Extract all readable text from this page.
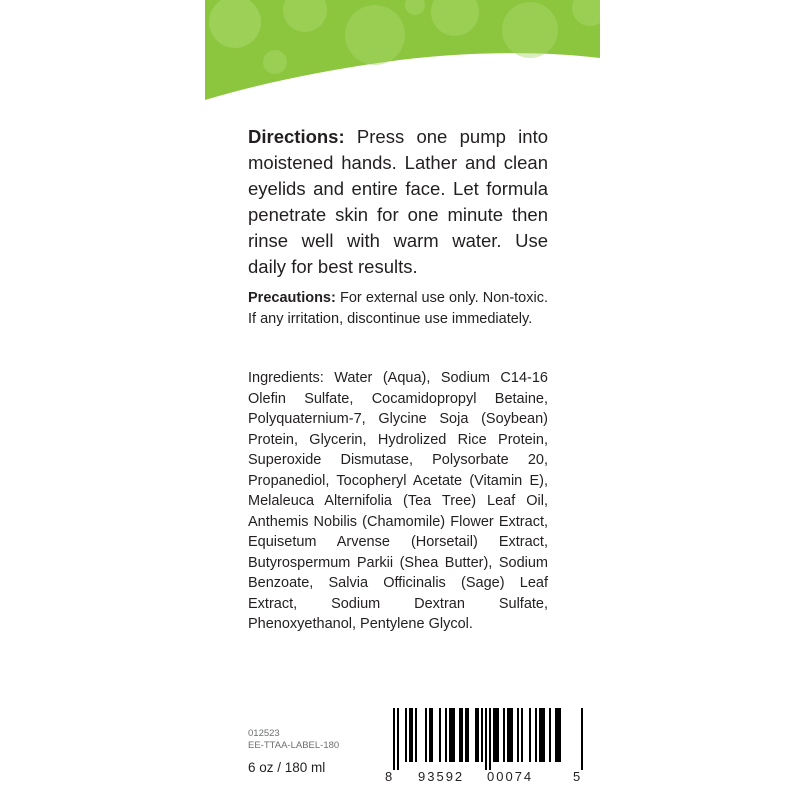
Directions: Press one pump into moistened hands. Lather and clean eyelids and entire face. Let formula penetrate skin for one minute then rinse well with warm water. Use daily for best results.
Precautions: For external use only. Non-toxic. If any irritation, discontinue use immediately.
Ingredients: Water (Aqua), Sodium C14-16 Olefin Sulfate, Cocamidopropyl Betaine, Polyquaternium-7, Glycine Soja (Soybean) Protein, Glycerin, Hydrolized Rice Protein, Superoxide Dismutase, Polysorbate 20, Propanediol, Tocopheryl Acetate (Vitamin E), Melaleuca Alternifolia (Tea Tree) Leaf Oil, Anthemis Nobilis (Chamomile) Flower Extract, Equisetum Arvense (Horsetail) Extract, Butyrospermum Parkii (Shea Butter), Sodium Benzoate, Salvia Officinalis (Sage) Leaf Extract, Sodium Dextran Sulfate, Phenoxyethanol, Pentylene Glycol.
012523
EE-TTAA-LABEL-180
6 oz / 180 ml
8 93592 00074	5
